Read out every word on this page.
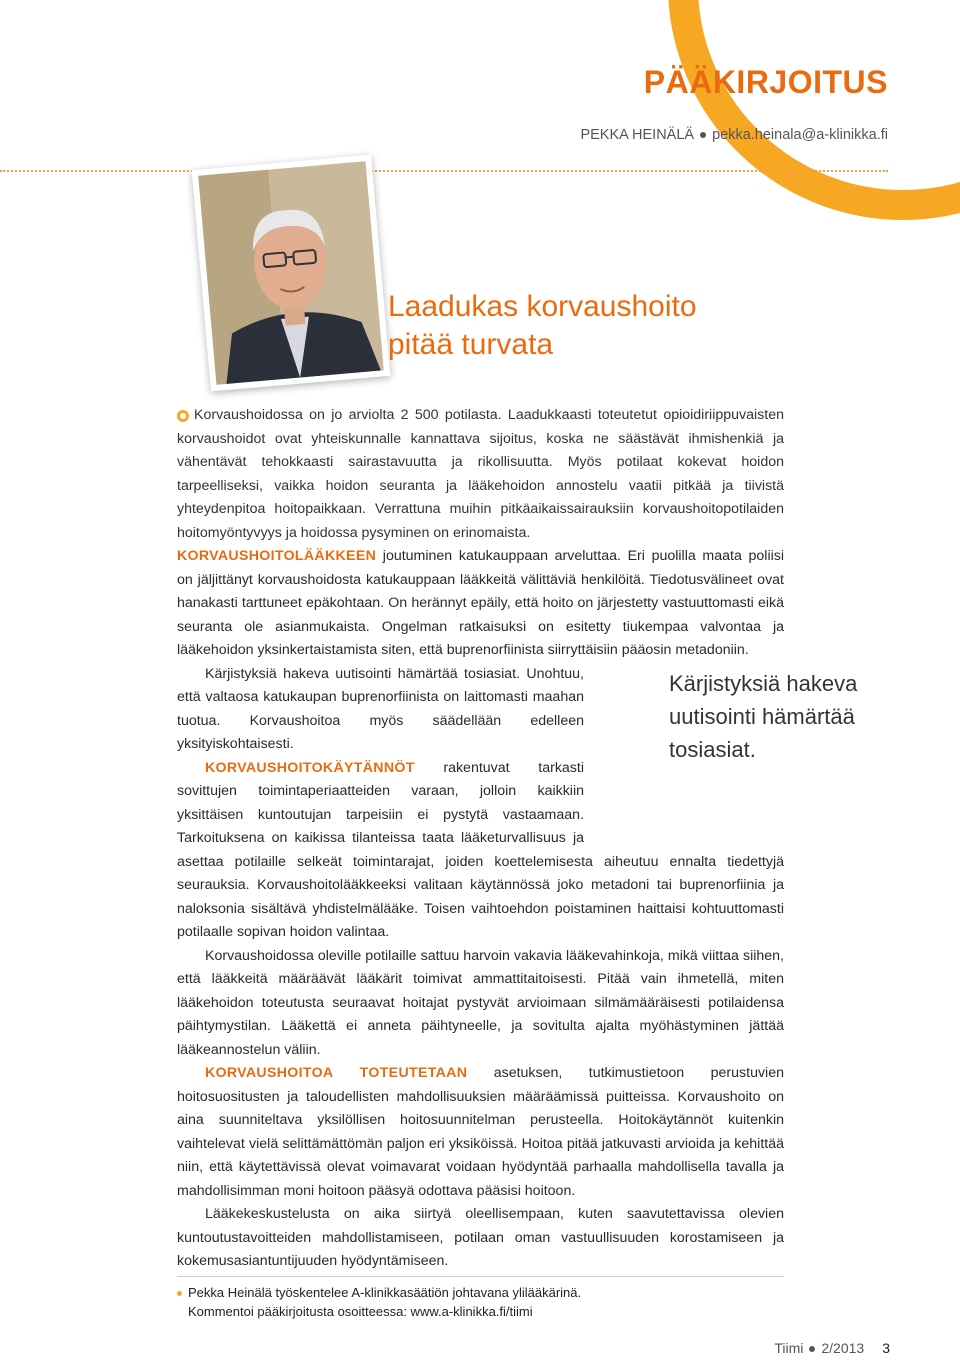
PÄÄKIRJOITUS
PEKKA HEINÄLÄ pekka.heinala@a-klinikka.fi
Laadukas korvaushoito
pitää turvata

Korvaushoidossa on jo arviolta 2 500 potilasta. Laadukkaasti toteutetut opioidiriippuvaisten korvaushoidot ovat yhteiskunnalle kannattava sijoitus, koska ne säästävät ihmishenkiä ja vähentävät tehokkaasti sairastavuutta ja rikollisuutta. Myös potilaat kokevat hoidon tarpeelliseksi, vaikka hoidon seuranta ja lääkehoidon annostelu vaatii pitkää ja tiivistä yhteydenpitoa hoitopaikkaan. Verrattuna muihin pitkäaikaissairauksiin korvaushoitopotilaiden hoitomyöntyvyys ja hoidossa pysyminen on erinomaista.

KORVAUSHOITOLÄÄKKEEN joutuminen katukauppaan arveluttaa. Eri puolilla maata poliisi on jäljittänyt korvaushoidosta katukauppaan lääkkeitä välittäviä henkilöitä. Tiedotusvälineet ovat hanakasti tarttuneet epäkohtaan. On herännyt epäily, että hoito on järjestetty vastuuttomasti eikä seuranta ole asianmukaista. Ongelman ratkaisuksi on esitetty tiukempaa valvontaa ja lääkehoidon yksinkertaistamista siten, että buprenorfiinista siirryttäisiin pääosin metadoniin.

Kärjistyksiä hakeva uutisointi hämärtää tosiasiat. Unohtuu, että valtaosa katukaupan buprenorfiinista on laittomasti maahan tuotua. Korvaushoitoa myös säädellään edelleen yksityiskohtaisesti.

KORVAUSHOITOKÄYTÄNNÖT rakentuvat tarkasti sovittujen toimintaperiaatteiden varaan, jolloin kaikkiin yksittäisen kuntoutujan tarpeisiin ei pystytä vastaamaan. Tarkoituksena on kaikissa tilanteissa taata lääketurvallisuus ja asettaa potilaille selkeät toimintarajat, joiden koettelemisesta aiheutuu ennalta tiedettyjä seurauksia. Korvaushoitolääkkeeksi valitaan käytännössä joko metadoni tai buprenorfiinia ja naloksonia sisältävä yhdistelmälääke. Toisen vaihtoehdon poistaminen haittaisi kohtuuttomasti potilaalle sopivan hoidon valintaa.

Korvaushoidossa oleville potilaille sattuu harvoin vakavia lääkevahinkoja, mikä viittaa siihen, että lääkkeitä määräävät lääkärit toimivat ammattitaitoisesti. Pitää vain ihmetellä, miten lääkehoidon toteutusta seuraavat hoitajat pystyvät arvioimaan silmämääräisesti potilaidensa päihtymystilan. Lääkettä ei anneta päihtyneelle, ja sovitulta ajalta myöhästyminen jättää lääkeannostelun väliin.

KORVAUSHOITOA TOTEUTETAAN asetuksen, tutkimustietoon perustuvien hoitosuositusten ja taloudellisten mahdollisuuksien määräämissä puitteissa. Korvaushoito on aina suunniteltava yksilöllisen hoitosuunnitelman perusteella. Hoitokäytännöt kuitenkin vaihtelevat vielä selittämättömän paljon eri yksiköissä. Hoitoa pitää jatkuvasti arvioida ja kehittää niin, että käytettävissä olevat voimavarat voidaan hyödyntää parhaalla mahdollisella tavalla ja mahdollisimman moni hoitoon pääsyä odottava pääsisi hoitoon.

Lääkekeskustelusta on aika siirtyä oleellisempaan, kuten saavutettavissa olevien kuntoutustavoitteiden mahdollistamiseen, potilaan oman vastuullisuuden korostamiseen ja kokemusasiantuntijuuden hyödyntämiseen.

Kärjistyksiä hakeva uutisointi hämärtää tosiasiat.
Pekka Heinälä työskentelee A-klinikkasäätiön johtavana ylilääkärinä.
Kommentoi pääkirjoitusta osoitteessa: www.a-klinikka.fi/tiimi
Tiimi 2/2013 3
